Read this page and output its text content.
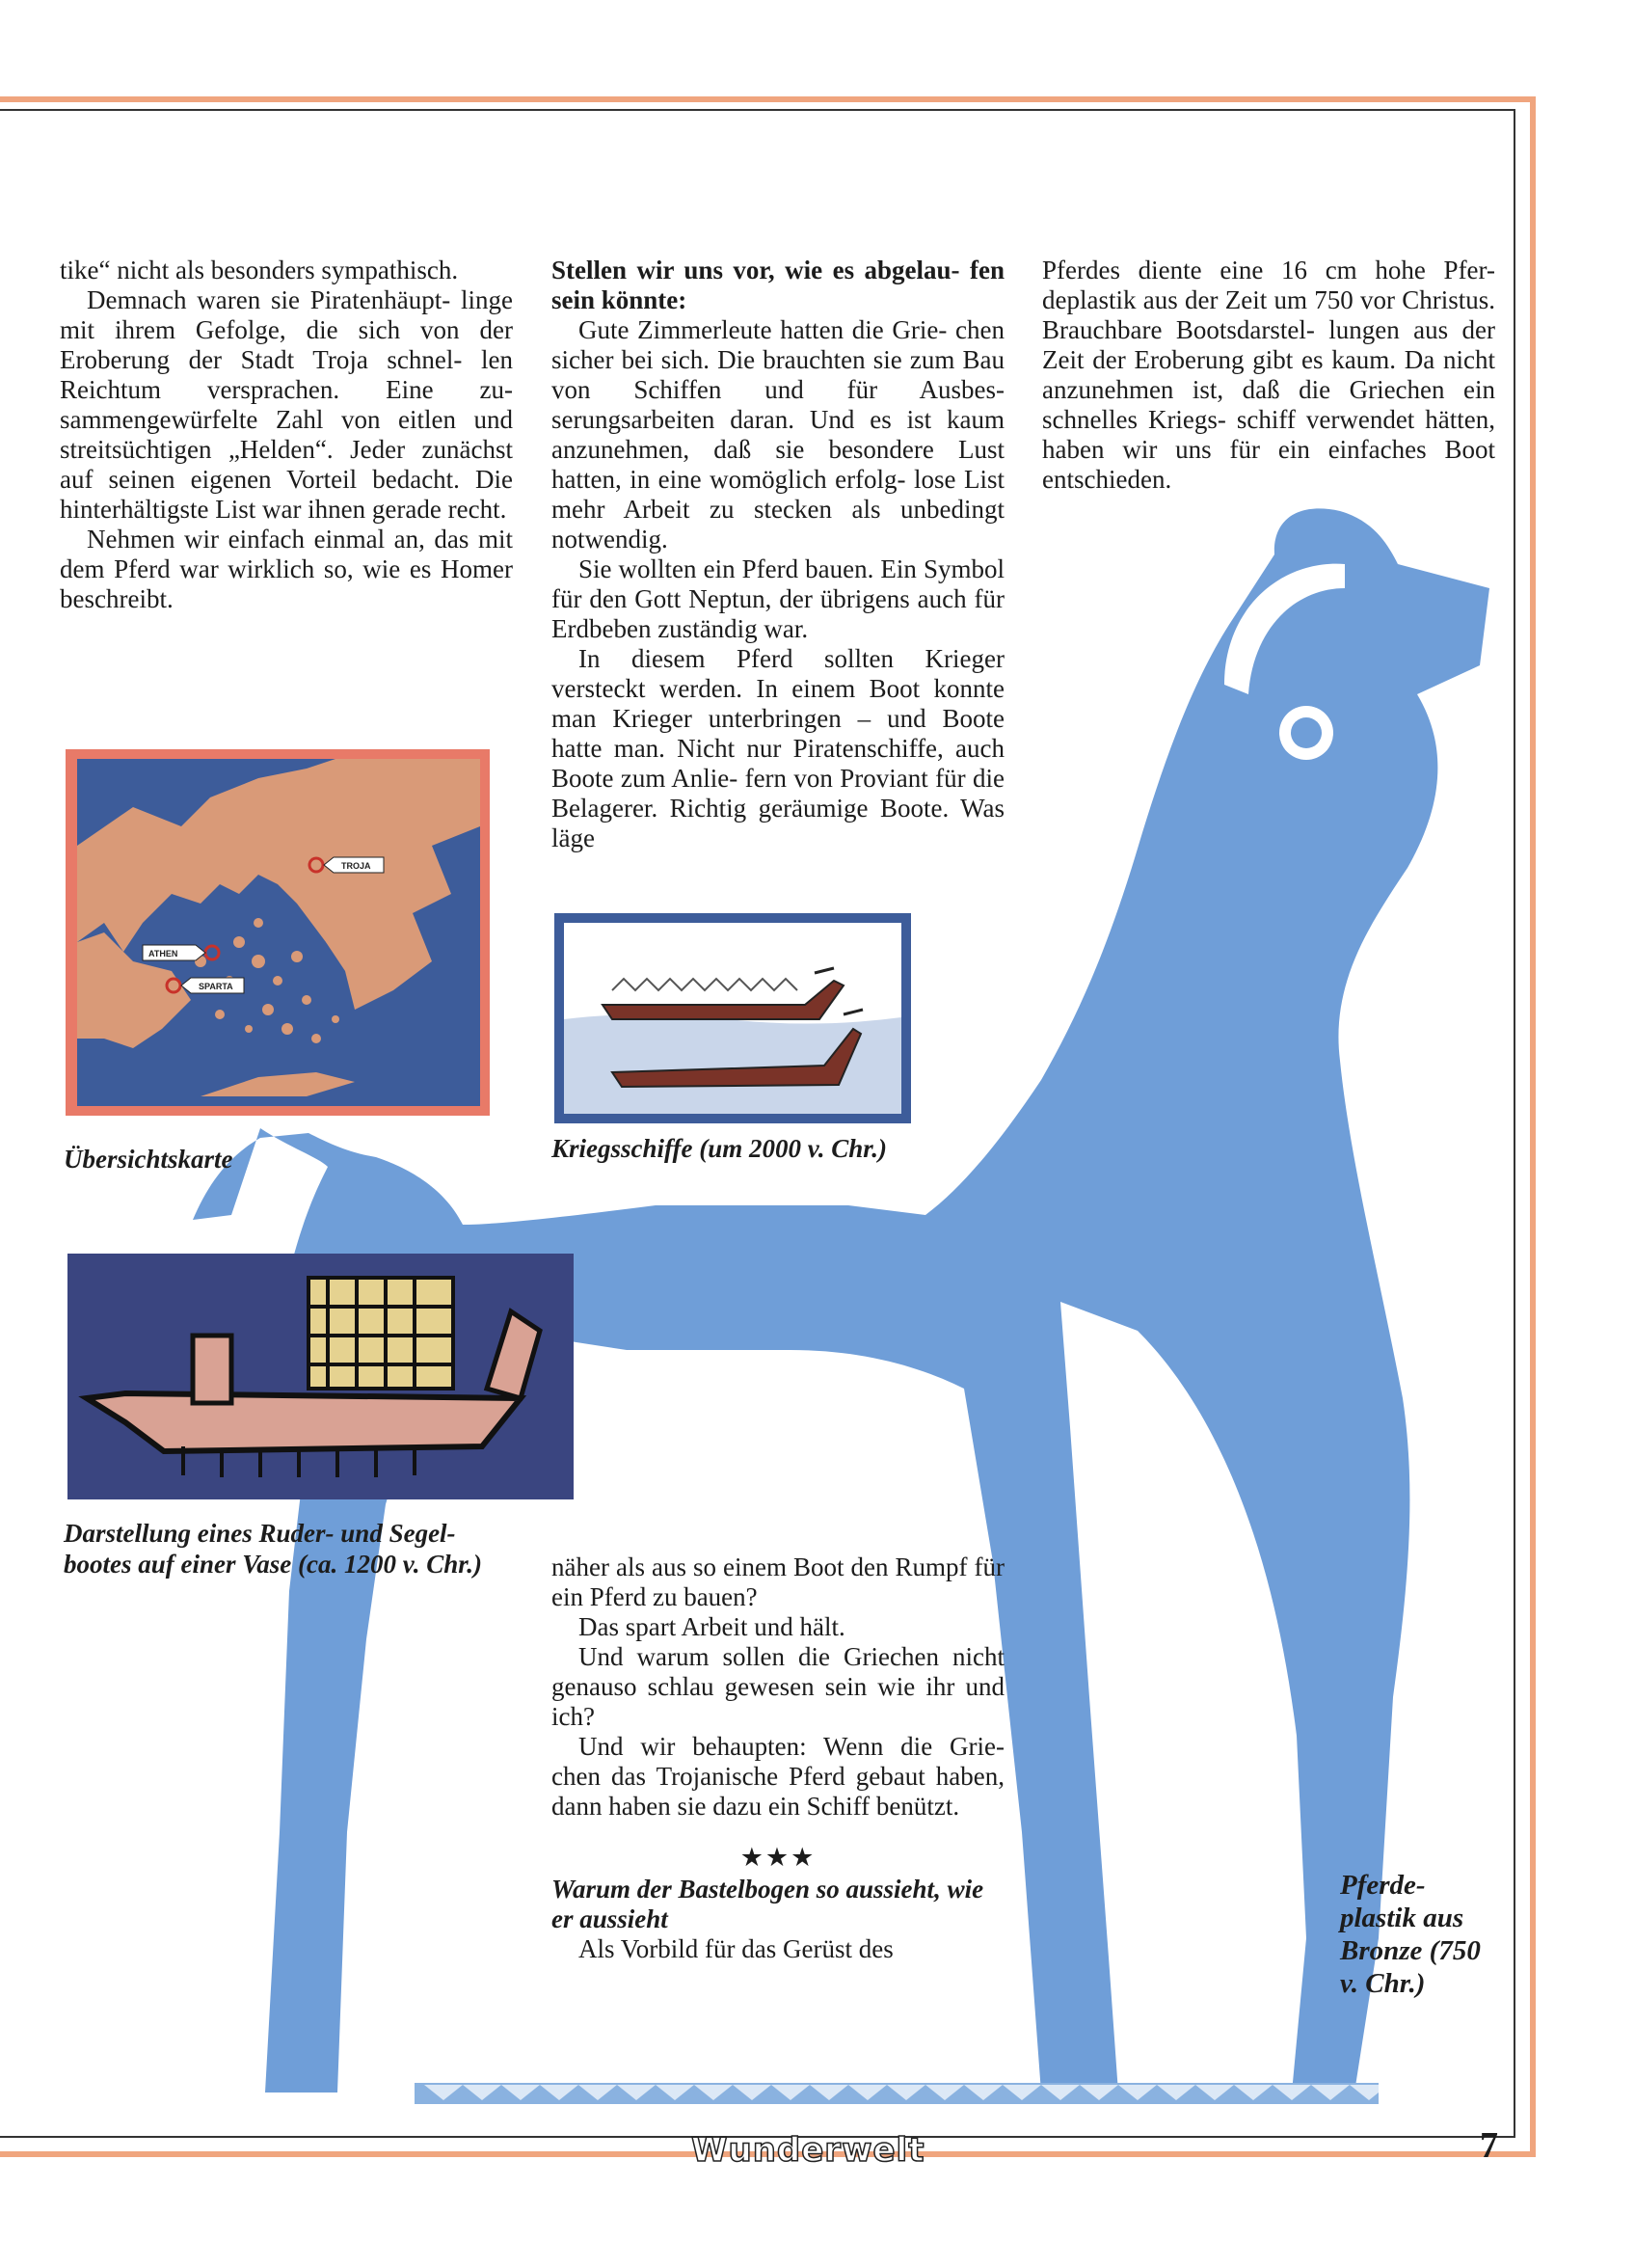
tike“ nicht als besonders sympathisch.

Demnach waren sie Piratenhäupt- linge mit ihrem Gefolge, die sich von der Eroberung der Stadt Troja schnel- len Reichtum versprachen. Eine zu- sammengewürfelte Zahl von eitlen und streitsüchtigen „Helden“. Jeder zunächst auf seinen eigenen Vorteil bedacht. Die hinterhältigste List war ihnen gerade recht.

Nehmen wir einfach einmal an, das mit dem Pferd war wirklich so, wie es Homer beschreibt.

Stellen wir uns vor, wie es abgelau- fen sein könnte:

Gute Zimmerleute hatten die Grie- chen sicher bei sich. Die brauchten sie zum Bau von Schiffen und für Ausbes- serungsarbeiten daran. Und es ist kaum anzunehmen, daß sie besondere Lust hatten, in eine womöglich erfolg- lose List mehr Arbeit zu stecken als unbedingt notwendig.

Sie wollten ein Pferd bauen. Ein Symbol für den Gott Neptun, der übrigens auch für Erdbeben zuständig war.

In diesem Pferd sollten Krieger versteckt werden. In einem Boot konnte man Krieger unterbringen – und Boote hatte man. Nicht nur Piratenschiffe, auch Boote zum Anlie- fern von Proviant für die Belagerer. Richtig geräumige Boote. Was läge

Pferdes diente eine 16 cm hohe Pfer- deplastik aus der Zeit um 750 vor Christus. Brauchbare Bootsdarstel- lungen aus der Zeit der Eroberung gibt es kaum. Da nicht anzunehmen ist, daß die Griechen ein schnelles Kriegs- schiff verwendet hätten, haben wir uns für ein einfaches Boot entschieden.

näher als aus so einem Boot den Rumpf für ein Pferd zu bauen?

Das spart Arbeit und hält.

Und warum sollen die Griechen nicht genauso schlau gewesen sein wie ihr und ich?

Und wir behaupten: Wenn die Grie- chen das Trojanische Pferd gebaut haben, dann haben sie dazu ein Schiff benützt.

★★★

Warum der Bastelbogen so aussieht, wie er aussieht

Als Vorbild für das Gerüst des

TROJA
ATHEN
SPARTA
Übersichtskarte	Kriegsschiffe (um 2000 v. Chr.)
Darstellung eines Ruder- und Segel- bootes auf einer Vase (ca. 1200 v. Chr.)
Pferde- plastik aus Bronze (750 v. Chr.)
Wunderwelt	7
